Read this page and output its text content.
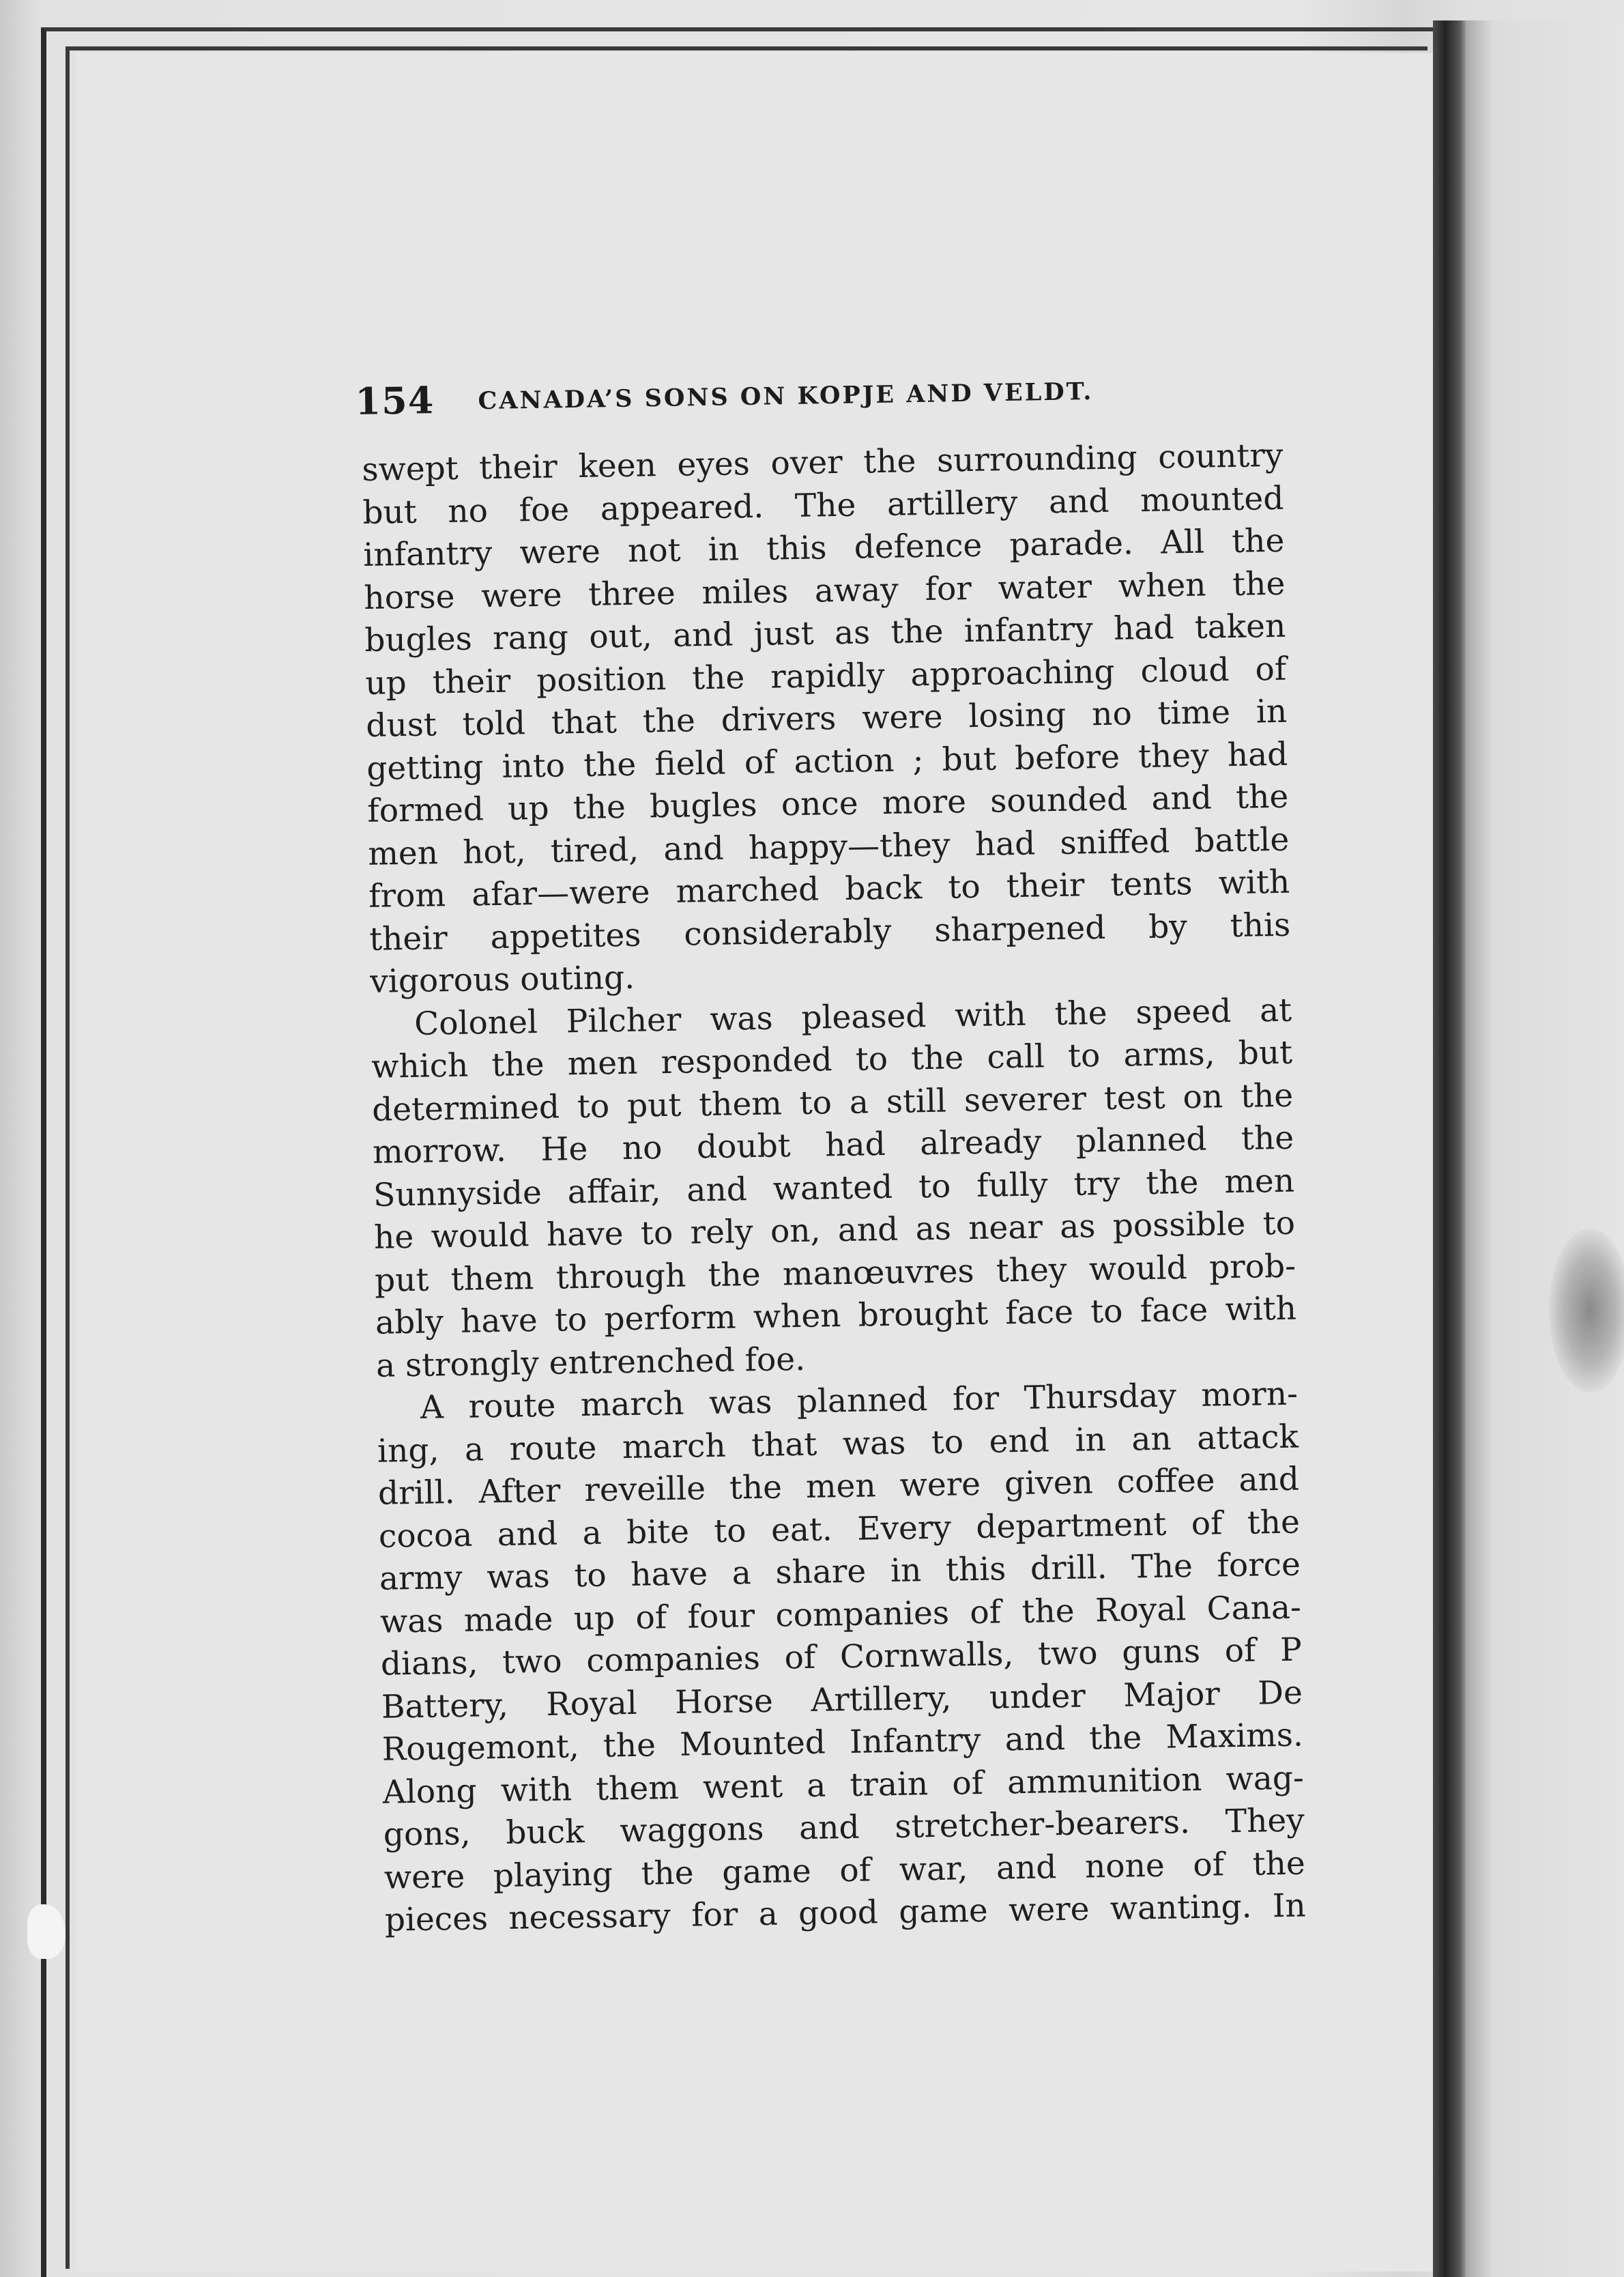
154 CANADA’S SONS ON KOPJE AND VELDT.
swept their keen eyes over the surrounding country
but no foe appeared. The artillery and mounted
infantry were not in this defence parade. All the
horse were three miles away for water when the
bugles rang out, and just as the infantry had taken
up their position the rapidly approaching cloud of
dust told that the drivers were losing no time in
getting into the field of action ; but before they had
formed up the bugles once more sounded and the
men hot, tired, and happy—they had sniffed battle
from afar—were marched back to their tents with
their appetites considerably sharpened by this
vigorous outing.
Colonel Pilcher was pleased with the speed at
which the men responded to the call to arms, but
determined to put them to a still severer test on the
morrow. He no doubt had already planned the
Sunnyside affair, and wanted to fully try the men
he would have to rely on, and as near as possible to
put them through the manœuvres they would prob-
ably have to perform when brought face to face with
a strongly entrenched foe.
A route march was planned for Thursday morn-
ing, a route march that was to end in an attack
drill. After reveille the men were given coffee and
cocoa and a bite to eat. Every department of the
army was to have a share in this drill. The force
was made up of four companies of the Royal Cana-
dians, two companies of Cornwalls, two guns of P
Battery, Royal Horse Artillery, under Major De
Rougemont, the Mounted Infantry and the Maxims.
Along with them went a train of ammunition wag-
gons, buck waggons and stretcher-bearers. They
were playing the game of war, and none of the
pieces necessary for a good game were wanting. In
